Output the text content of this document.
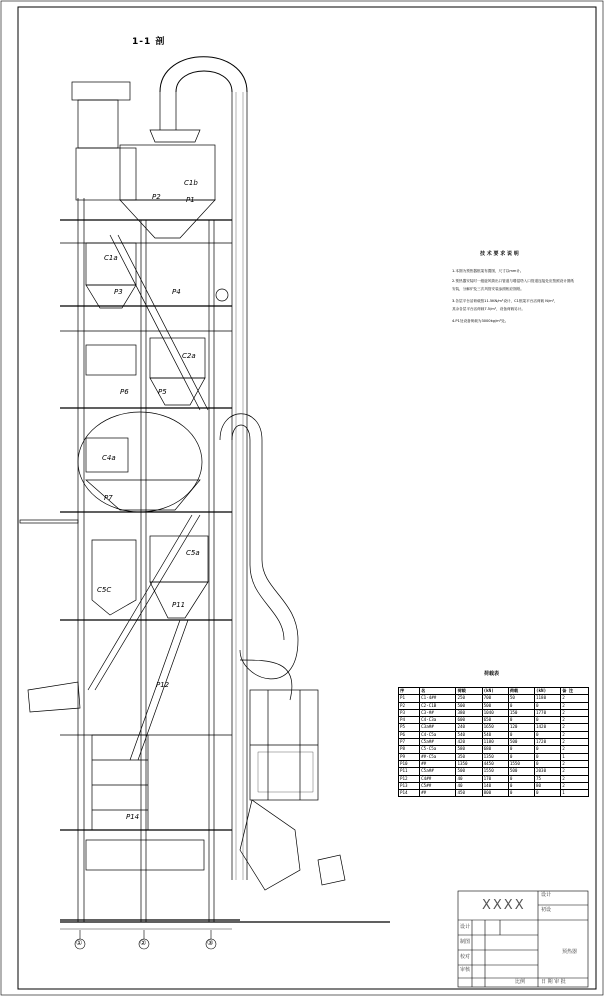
1-1 剖
C1b
C1a
C2a
C4a
C5a
C5C
P1
P2
P3	P4
P5
P6
P7
P11
P12
P14
技 术 要 求 说 明
1.本图为预热器框架布置图，尺寸以mm计。
2.预热器安装时一级旋风筒出口管道与增湿塔入口管道连接处应按照设计图纸
安装，分解炉及三次风管安装参照相应图纸。
3.各层平台活荷载按11.5KN/m²设计，C1框架平台活荷载 N/m²，
其余各层平台活荷载7.5/m²，设备荷载另计。
4.P1处设备荷载为3000kg/m²处。
荷载表
序	名	荷载	(kN)	荷载	(kN)	备 注
P1	C1-4##	250	700	50	1180	2
P2	C2-C1B	500	500	0	0	2
P3	C3-##	380	1040	150	1770	2
P4	C4-C3a	600	650	0	0	2
P5	C3a##	240	1650	120	1420	2
P6	C4-C5a	540	540	0	0	2
P7	C5a##	420	1180	500	1720	2
P8	C5-C5a	580	680	0	0	2
P9	##-C5a	350	1350	0	0	1
P10	##	1350	4450	1550	0	2
P11	C5a##	500	1550	500	2030	2
P12	C4##	40	170	0	75	2
P13	C5##	40	140	0	80	2
P14	##	450	800	0	0	1
XXXX
设计
初设
预热器
设计
制图
校对
审核
比例	日 期 审 批
①	②	③
